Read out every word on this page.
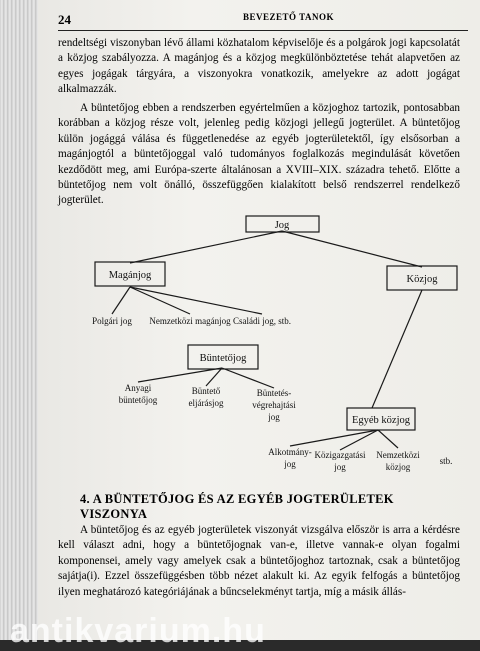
24	BEVEZETŐ TANOK

rendeltségi viszonyban lévő állami közhatalom képviselője és a polgárok jogi kapcsolatát a közjog szabályozza. A magánjog és a közjog megkülönböztetése tehát alapvetően az egyes jogágak tárgyára, a viszonyokra vonatkozik, amelyekre az adott jogágat alkalmazzák.

A büntetőjog ebben a rendszerben egyértelműen a közjoghoz tartozik, pontosabban korábban a közjog része volt, jelenleg pedig közjogi jellegű jogterület. A büntetőjog külön jogággá válása és függetlenedése az egyéb jogterületektől, így elsősorban a magánjogtól a büntetőjoggal való tudományos foglalkozás megindulását követően kezdődött meg, ami Európa-szerte általánosan a XVIII–XIX. századra tehető. Előtte a büntetőjog nem volt önálló, összefüggően kialakított belső rendszerrel rendelkező jogterület.

Jog
Magánjog	Közjog
Büntetőjog
Egyéb közjog
Polgári jog Nemzetközi magánjog Családi jog, stb.
Anyagi
büntetőjog
Büntető
eljárásjog
Büntetés-
végrehajtási
jog
Alkotmány-
jog
Közigazgatási
jog
Nemzetközi
közjog
stb.
4. A BÜNTETŐJOG ÉS AZ EGYÉB JOGTERÜLETEK VISZONYA

A büntetőjog és az egyéb jogterületek viszonyát vizsgálva először is arra a kérdésre kell választ adni, hogy a büntetőjognak van-e, illetve vannak-e olyan fogalmi komponensei, amely vagy amelyek csak a büntetőjoghoz tartoznak, csak a büntetőjog sajátja(i). Ezzel összefüggésben több nézet alakult ki. Az egyik felfogás a büntetőjog ilyen meghatározó kategóriájának a bűncselekményt tartja, míg a másik állás-

antikvarium.hu
